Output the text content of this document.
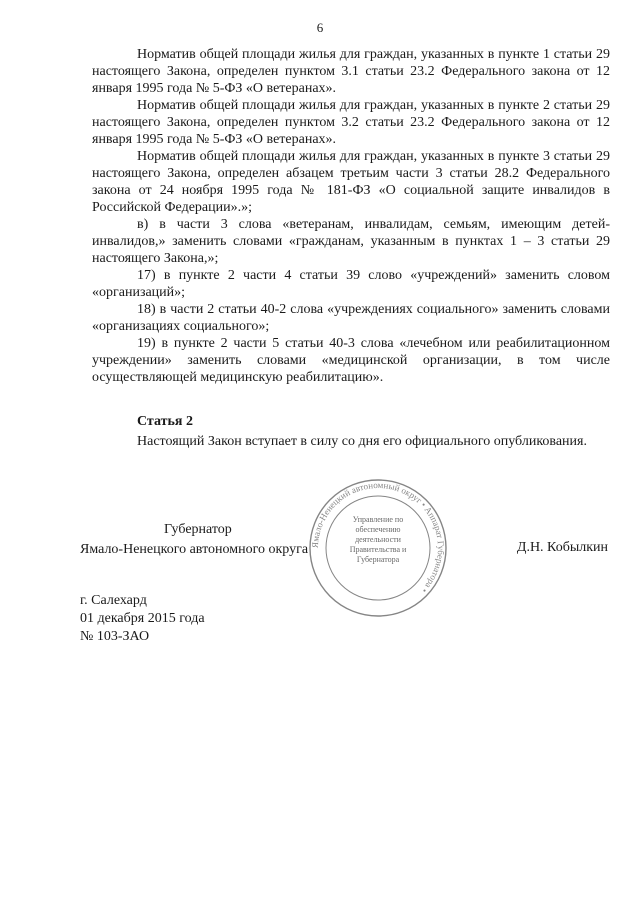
6

Норматив общей площади жилья для граждан, указанных в пункте 1 статьи 29 настоящего Закона, определен пунктом 3.1 статьи 23.2 Федерального закона от 12 января 1995 года № 5-ФЗ «О ветеранах».

Норматив общей площади жилья для граждан, указанных в пункте 2 статьи 29 настоящего Закона, определен пунктом 3.2 статьи 23.2 Федерального закона от 12 января 1995 года № 5-ФЗ «О ветеранах».

Норматив общей площади жилья для граждан, указанных в пункте 3 статьи 29 настоящего Закона, определен абзацем третьим части 3 статьи 28.2 Федерального закона от 24 ноября 1995 года № 181-ФЗ «О социальной защите инвалидов в Российской Федерации».»;

в) в части 3 слова «ветеранам, инвалидам, семьям, имеющим детей-инвалидов,» заменить словами «гражданам, указанным в пунктах 1 – 3 статьи 29 настоящего Закона,»;

17) в пункте 2 части 4 статьи 39 слово «учреждений» заменить словом «организаций»;

18) в части 2 статьи 40-2 слова «учреждениях социального» заменить словами «организациях социального»;

19) в пункте 2 части 5 статьи 40-3 слова «лечебном или реабилитационном учреждении» заменить словами «медицинской организации, в том числе осуществляющей медицинскую реабилитацию».

Статья 2

Настоящий Закон вступает в силу со дня его официального опубликования.

Ямало-Ненецкий автономный округ • Аппарат Губернатора •
Управление по обеспечению деятельности Правительства и Губернатора
Губернатор
Ямало-Ненецкого автономного округа	Д.Н. Кобылкин
г. Салехард
01 декабря 2015 года
№ 103-ЗАО
